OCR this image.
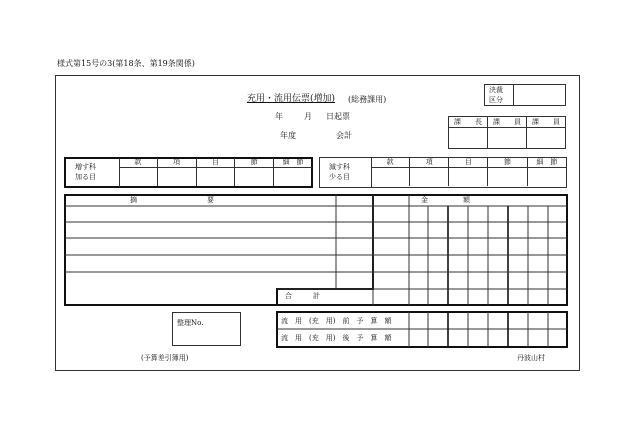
様式第15号の3(第18条、第19条関係)
充用・流用伝票(増加) (総務課用)
決裁
区分
年	月 日起票
年度	会計
課　　長	課　　員	課　　員

増す科
加る目
款	項	目	節	細　節

減す科
少る目
款	項	目	節	細　節

摘　　　　　　　　　　要	金　　　　　額
合　　　計
整理No.	流　用　(充　用)　前　予　算　額
流　用　(充　用)　後　予　算　額
(予算差引簿用)	丹波山村
